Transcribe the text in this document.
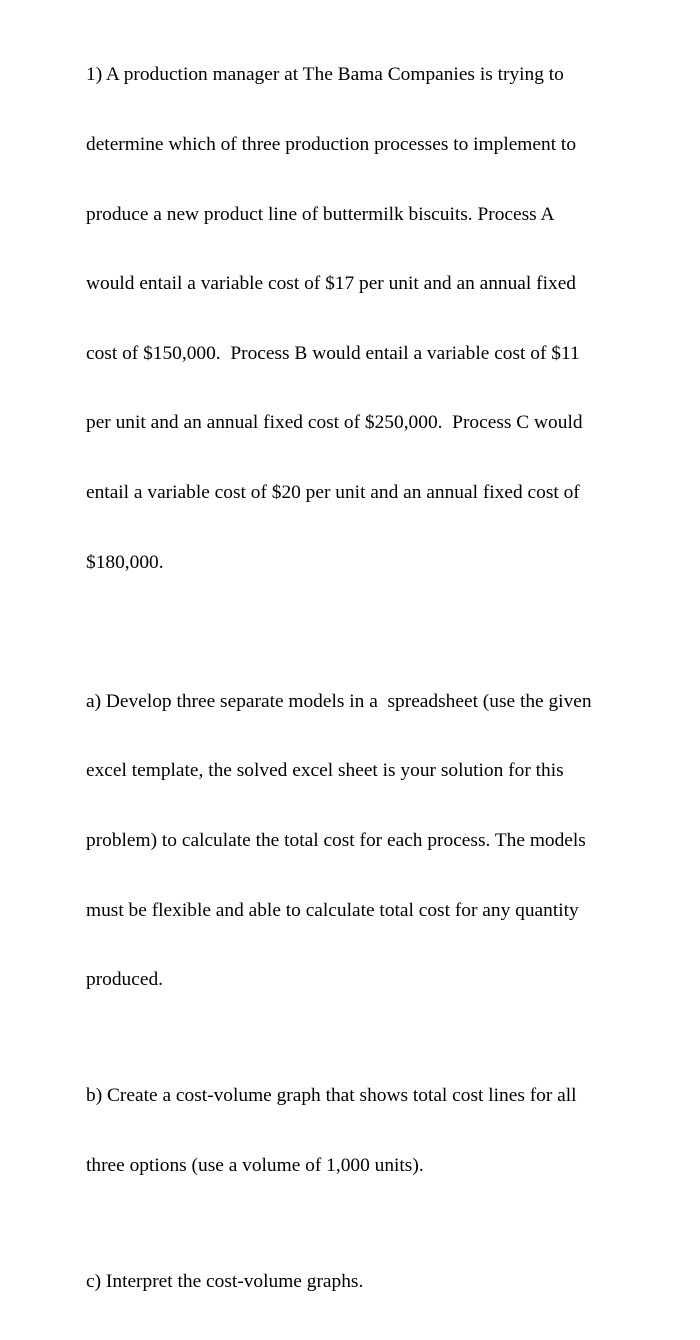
1) A production manager at The Bama Companies is trying to

determine which of three production processes to implement to

produce a new product line of buttermilk biscuits. Process A

would entail a variable cost of $17 per unit and an annual fixed

cost of $150,000.  Process B would entail a variable cost of $11

per unit and an annual fixed cost of $250,000.  Process C would

entail a variable cost of $20 per unit and an annual fixed cost of

$180,000.

a) Develop three separate models in a  spreadsheet (use the given

excel template, the solved excel sheet is your solution for this

problem) to calculate the total cost for each process. The models

must be flexible and able to calculate total cost for any quantity

produced.

b) Create a cost-volume graph that shows total cost lines for all

three options (use a volume of 1,000 units).

c) Interpret the cost-volume graphs.
